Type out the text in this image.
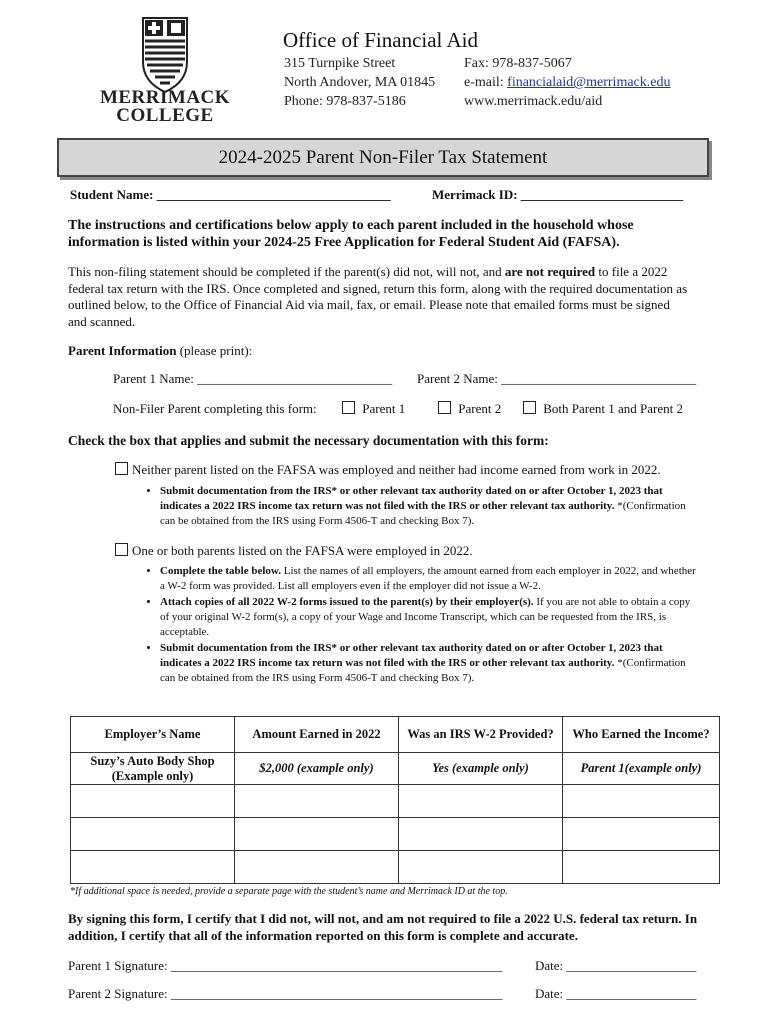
MERRIMACK
COLLEGE
Office of Financial Aid
315 Turnpike Street
North Andover, MA 01845
Phone: 978-837-5186
Fax: 978-837-5067
e-mail: financialaid@merrimack.edu
www.merrimack.edu/aid
2024-2025 Parent Non-Filer Tax Statement
Student Name: ____________________________________	Merrimack ID: _________________________
The instructions and certifications below apply to each parent included in the household whose information is listed within your 2024-25 Free Application for Federal Student Aid (FAFSA).
This non-filing statement should be completed if the parent(s) did not, will not, and are not required to file a 2022 federal tax return with the IRS. Once completed and signed, return this form, along with the required documentation as outlined below, to the Office of Financial Aid via mail, fax, or email. Please note that emailed forms must be signed and scanned.
Parent Information (please print):
Parent 1 Name: ______________________________ Parent 2 Name: ______________________________
Non-Filer Parent completing this form:	Parent 1	Parent 2	Both Parent 1 and Parent 2
Check the box that applies and submit the necessary documentation with this form:
Neither parent listed on the FAFSA was employed and neither had income earned from work in 2022.
• Submit documentation from the IRS* or other relevant tax authority dated on or after October 1, 2023 that indicates a 2022 IRS income tax return was not filed with the IRS or other relevant tax authority. *(Confirmation can be obtained from the IRS using Form 4506-T and checking Box 7).
One or both parents listed on the FAFSA were employed in 2022.
• Complete the table below. List the names of all employers, the amount earned from each employer in 2022, and whether a W-2 form was provided. List all employers even if the employer did not issue a W-2.
• Attach copies of all 2022 W-2 forms issued to the parent(s) by their employer(s). If you are not able to obtain a copy of your original W-2 form(s), a copy of your Wage and Income Transcript, which can be requested from the IRS, is acceptable.
• Submit documentation from the IRS* or other relevant tax authority dated on or after October 1, 2023 that indicates a 2022 IRS income tax return was not filed with the IRS or other relevant tax authority. *(Confirmation can be obtained from the IRS using Form 4506-T and checking Box 7).
Employer’s Name	Amount Earned in 2022	Was an IRS W-2 Provided?	Who Earned the Income?
Suzy’s Auto Body Shop (Example only)	$2,000 (example only)	Yes (example only)	Parent 1(example only)

*If additional space is needed, provide a separate page with the student’s name and Merrimack ID at the top.
By signing this form, I certify that I did not, will not, and am not required to file a 2022 U.S. federal tax return. In addition, I certify that all of the information reported on this form is complete and accurate.
Parent 1 Signature: ___________________________________________________	Date: ____________________
Parent 2 Signature: ___________________________________________________	Date: ____________________
